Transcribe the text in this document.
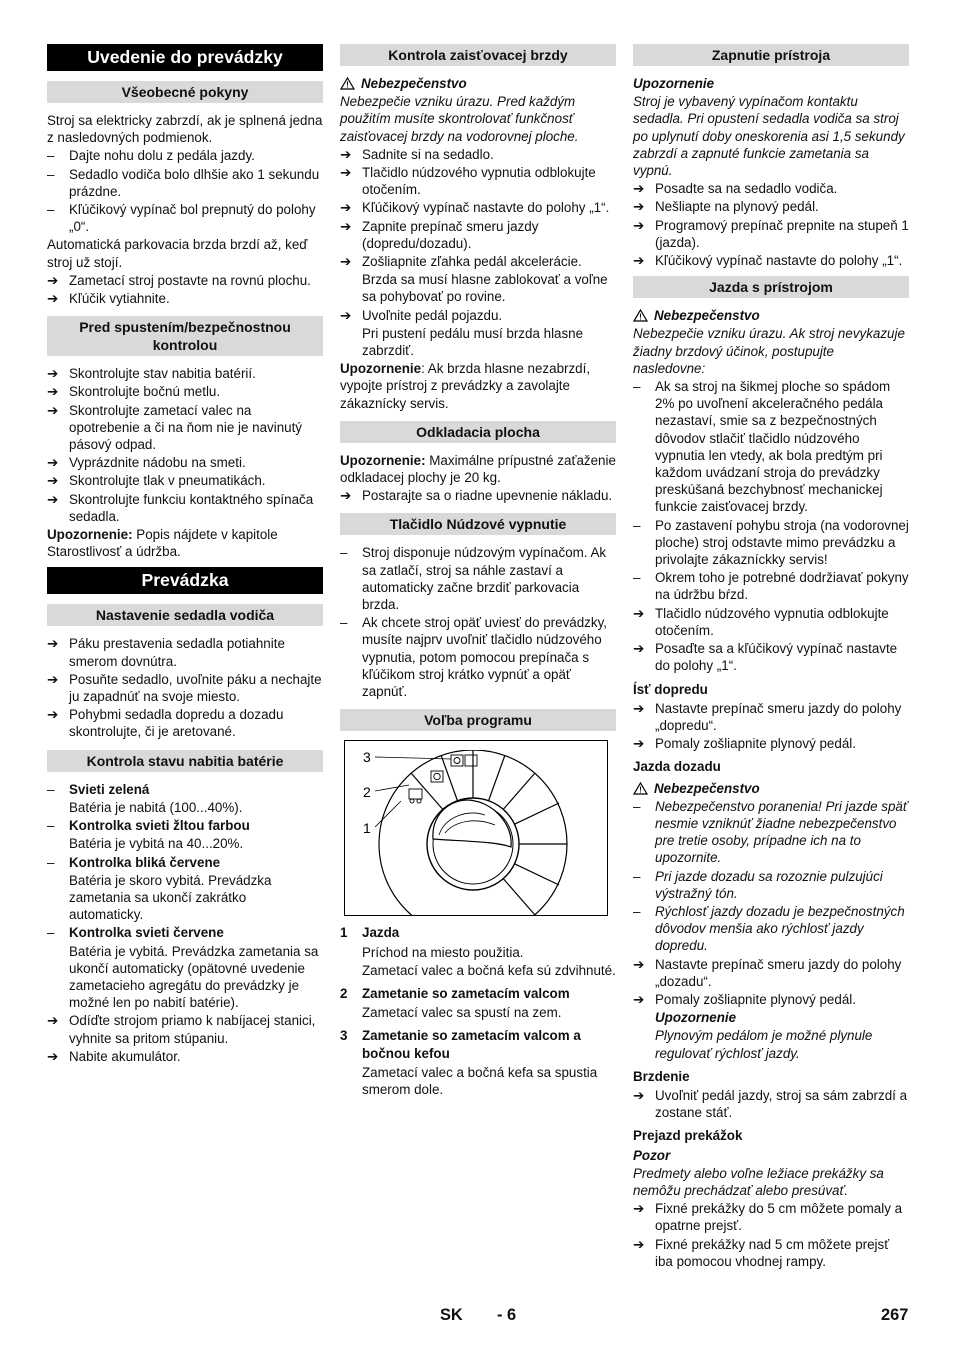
Uvedenie do prevádzky
Všeobecné pokyny

Stroj sa elektricky zabrzdí, ak je splnená jedna z nasledovných podmienok.

–	Dajte nohu dolu z pedála jazdy.
–	Sedadlo vodiča bolo dlhšie ako 1 sekundu prázdne.
–	Kľúčikový vypínač bol prepnutý do polohy „0“.

Automatická parkovacia brzda brzdí až, keď stroj už stojí.

➔ Zametací stroj postavte na rovnú plochu.
➔ Kľúčik vytiahnite.
Pred spustením/bezpečnostnou kontrolou
➔ Skontrolujte stav nabitia batérií.
➔ Skontrolujte bočnú metlu.
➔ Skontrolujte zametací valec na opotrebenie a či na ňom nie je navinutý pásový odpad.
➔ Vyprázdnite nádobu na smeti.
➔ Skontrolujte tlak v pneumatikách.
➔ Skontrolujte funkciu kontaktného spínača sedadla.

Upozornenie: Popis nájdete v kapitole Starostlivosť a údržba.

Prevádzka
Nastavenie sedadla vodiča
➔ Páku prestavenia sedadla potiahnite smerom dovnútra.
➔ Posuňte sedadlo, uvoľnite páku a nechajte ju zapadnúť na svoje miesto.
➔ Pohybmi sedadla dopredu a dozadu skontrolujte, či je aretované.
Kontrola stavu nabitia batérie
–	Svieti zelená

Batéria je nabitá (100...40%).

–	Kontrolka svieti žltou farbou

Batéria je vybitá na 40...20%.

–	Kontrolka bliká červene

Batéria je skoro vybitá. Prevádzka zametania sa ukončí zakrátko automaticky.

–	Kontrolka svieti červene

Batéria je vybitá. Prevádzka zametania sa ukončí automaticky (opätovné uvedenie zametacieho agregátu do prevádzky je možné len po nabití batérie).

➔ Odíďte strojom priamo k nabíjacej stanici, vyhnite sa pritom stúpaniu.
➔ Nabite akumulátor.
Kontrola zaisťovacej brzdy
Nebezpečenstvo

Nebezpečie vzniku úrazu. Pred každým použitím musíte skontrolovať funkčnosť zaisťovacej brzdy na vodorovnej ploche.

➔ Sadnite si na sedadlo.
➔ Tlačidlo núdzového vypnutia odblokujte otočením.
➔ Kľúčikový vypínač nastavte do polohy „1“.
➔ Zapnite prepínač smeru jazdy (dopredu/dozadu).
➔ Zošliapnite zľahka pedál akcelerácie.

Brzda sa musí hlasne zablokovať a voľne sa pohybovať po rovine.

➔ Uvoľnite pedál pojazdu.

Pri pustení pedálu musí brzda hlasne zabrzdiť.

Upozornenie: Ak brzda hlasne nezabrzdí, vypojte prístroj z prevádzky a zavolajte zákaznícky servis.

Odkladacia plocha

Upozornenie: Maximálne prípustné zaťaženie odkladacej plochy je 20 kg.

➔ Postarajte sa o riadne upevnenie nákladu.
Tlačidlo Núdzové vypnutie
–	Stroj disponuje núdzovým vypínačom. Ak sa zatlačí, stroj sa náhle zastaví a automaticky začne brzdiť parkovacia brzda.
–	Ak chcete stroj opäť uviesť do prevádzky, musíte najprv uvoľniť tlačidlo núdzového vypnutia, potom pomocou prepínača s kľúčikom stroj krátko vypnúť a opäť zapnúť.
Voľba programu
3
2
1
1	Jazda

Príchod na miesto použitia.

Zametací valec a bočná kefa sú zdvihnuté.

2	Zametanie so zametacím valcom

Zametací valec sa spustí na zem.

3	Zametanie so zametacím valcom a bočnou kefou

Zametací valec a bočná kefa sa spustia smerom dole.

Zapnutie prístroja

Upozornenie

Stroj je vybavený vypínačom kontaktu sedadla. Pri opustení sedadla vodiča sa stroj po uplynutí doby oneskorenia asi 1,5 sekundy zabrzdí a zapnuté funkcie zametania sa vypnú.

➔ Posadte sa na sedadlo vodiča.
➔ Nešliapte na plynový pedál.
➔ Programový prepínač prepnite na stupeň 1 (jazda).
➔ Kľúčikový vypínač nastavte do polohy „1“.
Jazda s prístrojom
Nebezpečenstvo

Nebezpečie vzniku úrazu. Ak stroj nevykazuje žiadny brzdový účinok, postupujte nasledovne:

–	Ak sa stroj na šikmej ploche so spádom 2% po uvoľnení akceleračného pedála nezastaví, smie sa z bezpečnostných dôvodov stlačiť tlačidlo núdzového vypnutia len vtedy, ak bola predtým pri každom uvádzaní stroja do prevádzky preskúšaná bezchybnosť mechanickej funkcie zaisťovacej brzdy.
–	Po zastavení pohybu stroja (na vodorovnej ploche) stroj odstavte mimo prevádzku a privolajte zákazníckky servis!
–	Okrem toho je potrebné dodržiavať pokyny na údržbu bŕzd.
➔ Tlačidlo núdzového vypnutia odblokujte otočením.
➔ Posaďte sa a kľúčikový vypínač nastavte do polohy „1“.
Ísť dopredu
➔ Nastavte prepínač smeru jazdy do polohy „dopredu“.
➔ Pomaly zošliapnite plynový pedál.
Jazda dozadu
Nebezpečenstvo
–	Nebezpečenstvo poranenia! Pri jazde späť nesmie vzniknúť žiadne nebezpečenstvo pre tretie osoby, prípadne ich na to upozornite.
–	Pri jazde dozadu sa rozoznie pulzujúci výstražný tón.
–	Rýchlosť jazdy dozadu je bezpečnostných dôvodov menšia ako rýchlosť jazdy dopredu.
➔ Nastavte prepínač smeru jazdy do polohy „dozadu“.
➔ Pomaly zošliapnite plynový pedál.

Upozornenie

Plynovým pedálom je možné plynule regulovať rýchlosť jazdy.

Brzdenie
➔ Uvoľniť pedál jazdy, stroj sa sám zabrzdí a zostane stáť.
Prejazd prekážok

Pozor

Predmety alebo voľne ležiace prekážky sa nemôžu prechádzať alebo presúvať.

➔ Fixné prekážky do 5 cm môžete pomaly a opatrne prejsť.
➔ Fixné prekážky nad 5 cm môžete prejsť iba pomocou vhodnej rampy.
SK - 6	267
